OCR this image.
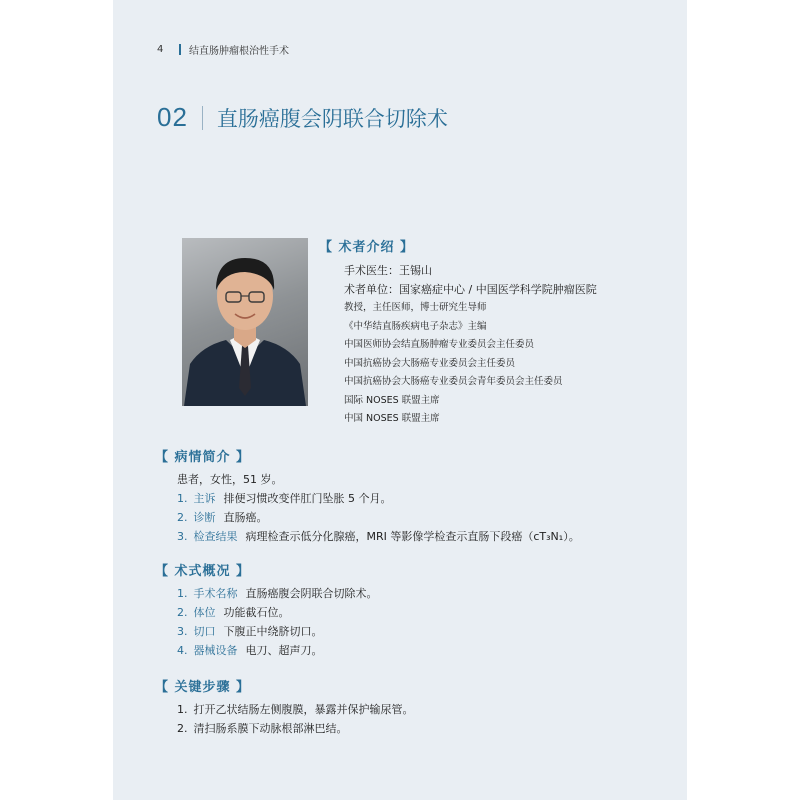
4	结直肠肿瘤根治性手术
02 直肠癌腹会阴联合切除术
【 术者介绍 】
手术医生：王锡山
术者单位：国家癌症中心 / 中国医学科学院肿瘤医院
教授，主任医师，博士研究生导师
《中华结直肠疾病电子杂志》主编
中国医师协会结直肠肿瘤专业委员会主任委员
中国抗癌协会大肠癌专业委员会主任委员
中国抗癌协会大肠癌专业委员会青年委员会主任委员
国际 NOSES 联盟主席
中国 NOSES 联盟主席
【 病情简介 】
患者，女性，51 岁。
1. 主诉 排便习惯改变伴肛门坠胀 5 个月。
2. 诊断 直肠癌。
3. 检查结果 病理检查示低分化腺癌，MRI 等影像学检查示直肠下段癌（cT₃N₁）。
【 术式概况 】
1. 手术名称 直肠癌腹会阴联合切除术。
2. 体位 功能截石位。
3. 切口 下腹正中绕脐切口。
4. 器械设备 电刀、超声刀。
【 关键步骤 】
1. 打开乙状结肠左侧腹膜，暴露并保护输尿管。
2. 清扫肠系膜下动脉根部淋巴结。
